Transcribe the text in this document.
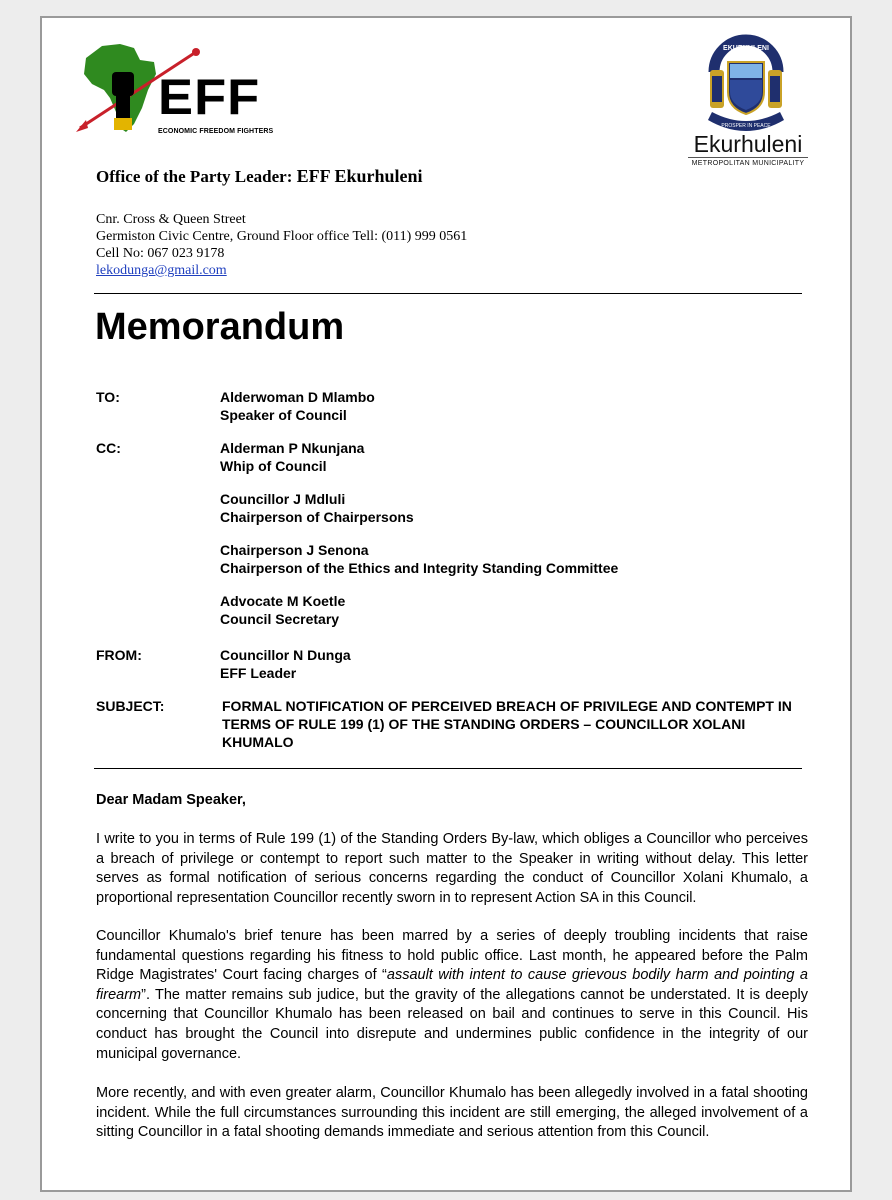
EFF
ECONOMIC FREEDOM FIGHTERS
EKURHULENI
PROSPER IN PEACE
Ekurhuleni
METROPOLITAN MUNICIPALITY
Office of the Party Leader: EFF Ekurhuleni
Cnr. Cross & Queen Street
Germiston Civic Centre, Ground Floor office Tell: (011) 999 0561
Cell No: 067 023 9178
lekodunga@gmail.com
Memorandum
TO:	Alderwoman D Mlambo
Speaker of Council
CC:	Alderman P Nkunjana
Whip of Council
Councillor J Mdluli
Chairperson of Chairpersons
Chairperson J Senona
Chairperson of the Ethics and Integrity Standing Committee
Advocate M Koetle
Council Secretary
FROM:	Councillor N Dunga
EFF Leader
SUBJECT:	FORMAL NOTIFICATION OF PERCEIVED BREACH OF PRIVILEGE AND CONTEMPT IN TERMS OF RULE 199 (1) OF THE STANDING ORDERS – COUNCILLOR XOLANI KHUMALO
Dear Madam Speaker,
I write to you in terms of Rule 199 (1) of the Standing Orders By-law, which obliges a Councillor who perceives a breach of privilege or contempt to report such matter to the Speaker in writing without delay. This letter serves as formal notification of serious concerns regarding the conduct of Councillor Xolani Khumalo, a proportional representation Councillor recently sworn in to represent Action SA in this Council.
Councillor Khumalo's brief tenure has been marred by a series of deeply troubling incidents that raise fundamental questions regarding his fitness to hold public office. Last month, he appeared before the Palm Ridge Magistrates' Court facing charges of “assault with intent to cause grievous bodily harm and pointing a firearm”. The matter remains sub judice, but the gravity of the allegations cannot be understated. It is deeply concerning that Councillor Khumalo has been released on bail and continues to serve in this Council. His conduct has brought the Council into disrepute and undermines public confidence in the integrity of our municipal governance.
More recently, and with even greater alarm, Councillor Khumalo has been allegedly involved in a fatal shooting incident. While the full circumstances surrounding this incident are still emerging, the alleged involvement of a sitting Councillor in a fatal shooting demands immediate and serious attention from this Council.
